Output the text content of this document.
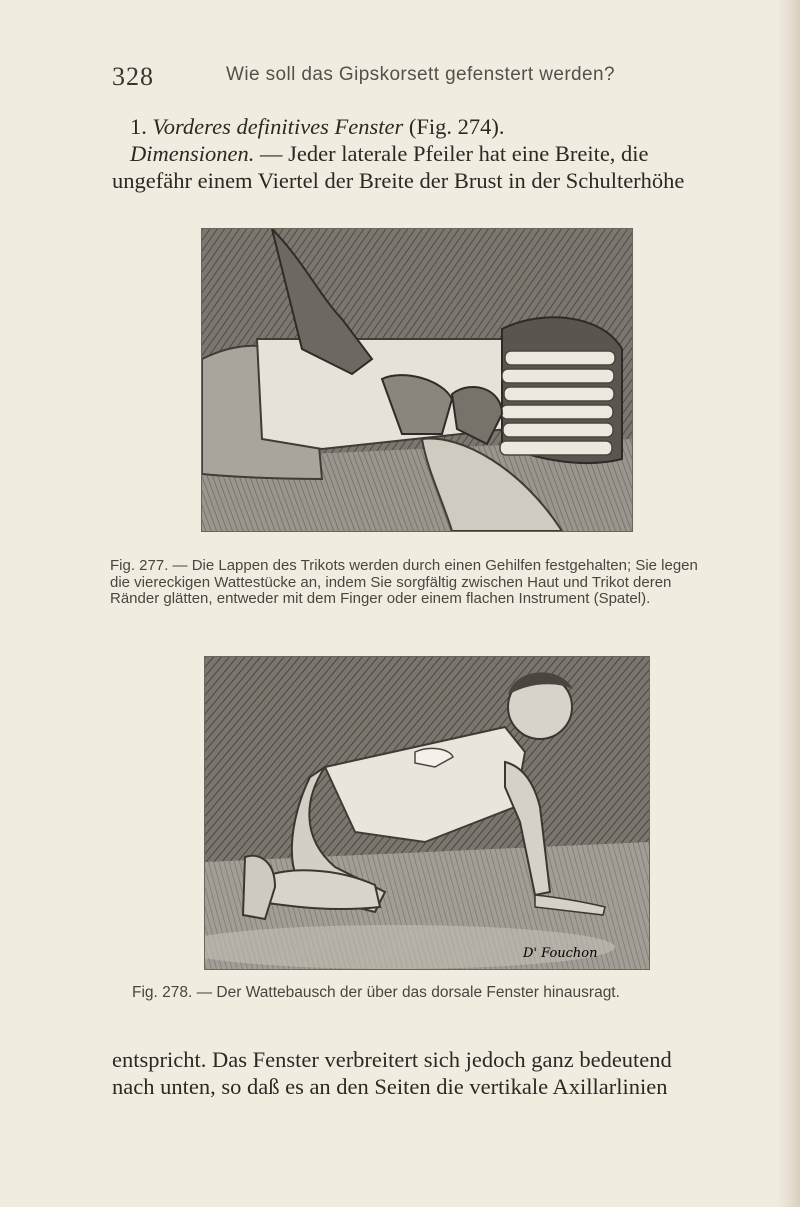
328	Wie soll das Gipskorsett gefenstert werden?

1. Vorderes definitives Fenster (Fig. 274).

Dimensionen. — Jeder laterale Pfeiler hat eine Breite, die ungefähr einem Viertel der Breite der Brust in der Schulterhöhe

Fig. 277. — Die Lappen des Trikots werden durch einen Gehilfen festgehalten; Sie legen die viereckigen Wattestücke an, indem Sie sorgfältig zwischen Haut und Trikot deren Ränder glätten, entweder mit dem Finger oder einem flachen Instrument (Spatel).
D' Fouchon
Fig. 278. — Der Wattebausch der über das dorsale Fenster hinausragt.

entspricht. Das Fenster verbreitert sich jedoch ganz bedeutend nach unten, so daß es an den Seiten die vertikale Axillarlinien
